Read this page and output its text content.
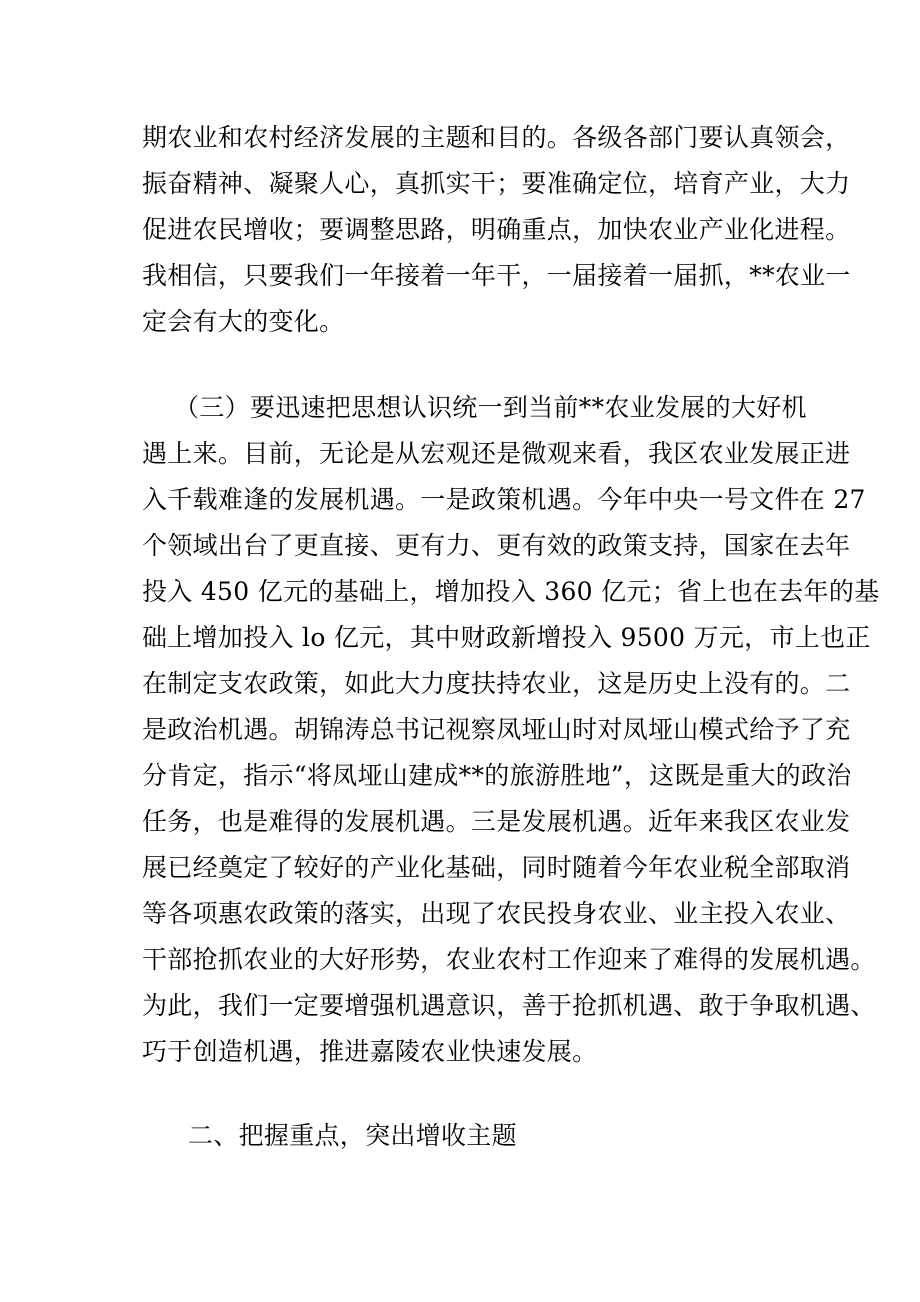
期农业和农村经济发展的主题和目的。各级各部门要认真领会，
振奋精神、凝聚人心，真抓实干；要准确定位，培育产业，大力
促进农民增收；要调整思路，明确重点，加快农业产业化进程。
我相信，只要我们一年接着一年干，一届接着一届抓，**农业一
定会有大的变化。
（三）要迅速把思想认识统一到当前**农业发展的大好机
遇上来。目前，无论是从宏观还是微观来看，我区农业发展正进
入千载难逢的发展机遇。一是政策机遇。今年中央一号文件在 27
个领域出台了更直接、更有力、更有效的政策支持，国家在去年
投入 450 亿元的基础上，增加投入 360 亿元；省上也在去年的基
础上增加投入 lo 亿元，其中财政新增投入 9500 万元，市上也正
在制定支农政策，如此大力度扶持农业，这是历史上没有的。二
是政治机遇。胡锦涛总书记视察凤垭山时对凤垭山模式给予了充
分肯定，指示“将凤垭山建成**的旅游胜地”，这既是重大的政治
任务，也是难得的发展机遇。三是发展机遇。近年来我区农业发
展已经奠定了较好的产业化基础，同时随着今年农业税全部取消
等各项惠农政策的落实，出现了农民投身农业、业主投入农业、
干部抢抓农业的大好形势，农业农村工作迎来了难得的发展机遇。
为此，我们一定要增强机遇意识，善于抢抓机遇、敢于争取机遇、
巧于创造机遇，推进嘉陵农业快速发展。
二、把握重点，突出增收主题
